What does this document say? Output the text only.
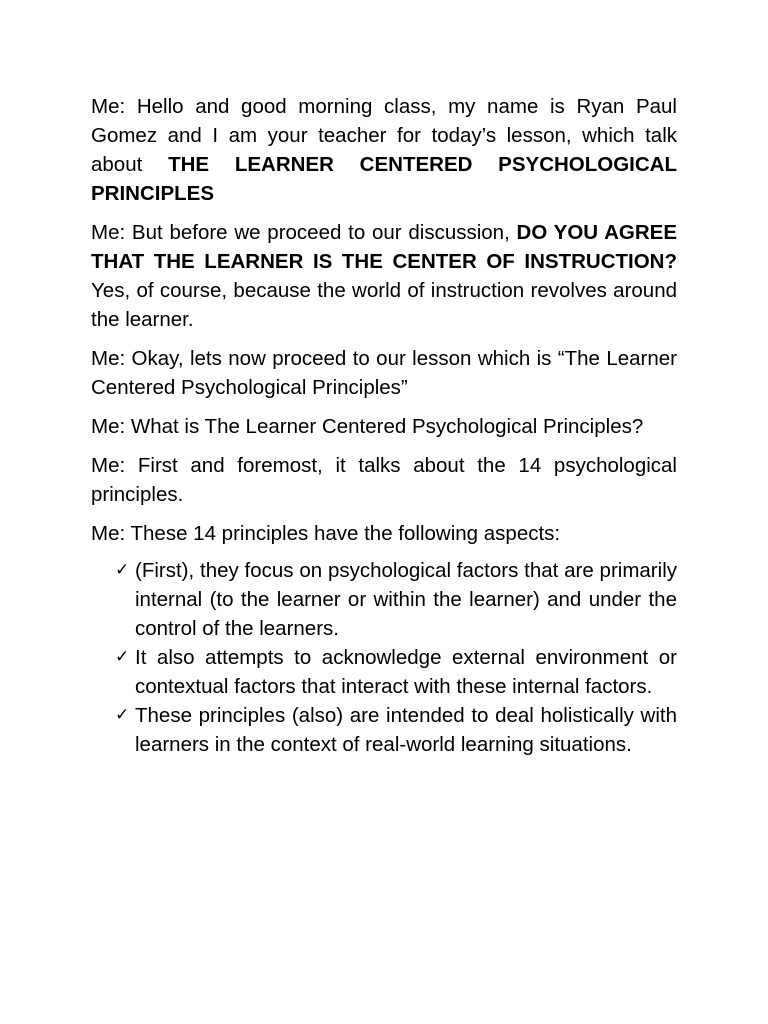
Me: Hello and good morning class, my name is Ryan Paul Gomez and I am your teacher for today’s lesson, which talk about THE LEARNER CENTERED PSYCHOLOGICAL PRINCIPLES

Me: But before we proceed to our discussion, DO YOU AGREE THAT THE LEARNER IS THE CENTER OF INSTRUCTION? Yes, of course, because the world of instruction revolves around the learner.

Me: Okay, lets now proceed to our lesson which is “The Learner Centered Psychological Principles”

Me: What is The Learner Centered Psychological Principles?

Me: First and foremost, it talks about the 14 psychological principles.

Me: These 14 principles have the following aspects:

✓ (First), they focus on psychological factors that are primarily internal (to the learner or within the learner) and under the control of the learners.
✓ It also attempts to acknowledge external environment or contextual factors that interact with these internal factors.
✓ These principles (also) are intended to deal holistically with learners in the context of real-world learning situations.
